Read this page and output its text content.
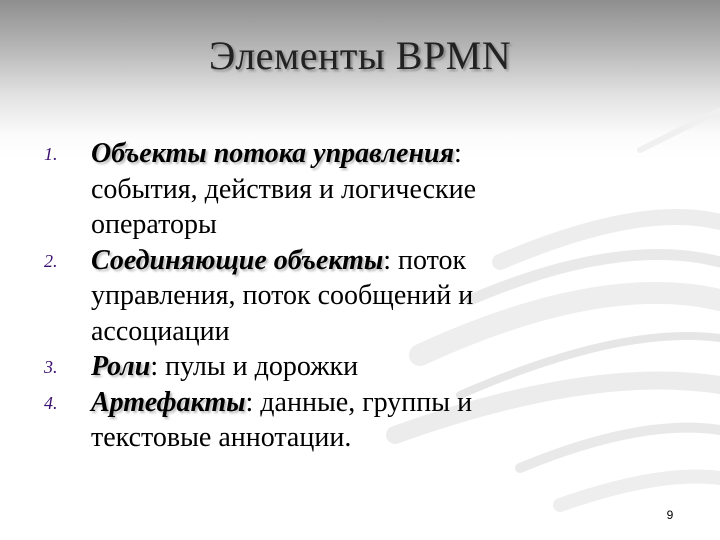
Элементы BPMN
1. Объекты потока управления: события, действия и логические операторы
2. Соединяющие объекты: поток управления, поток сообщений и ассоциации
3. Роли: пулы и дорожки
4. Артефакты: данные, группы и текстовые аннотации.
9
